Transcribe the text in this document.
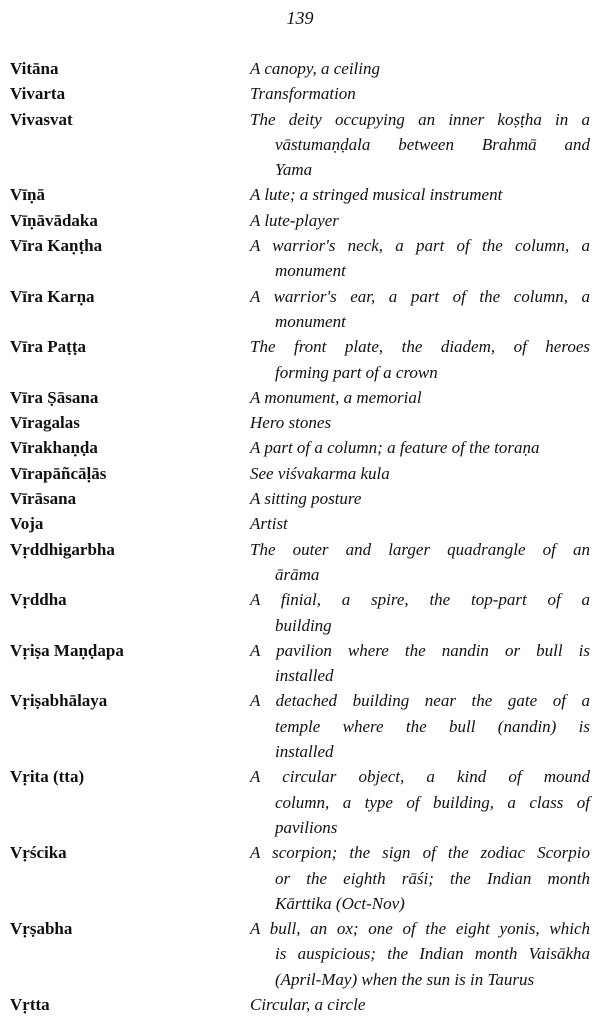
139
Vitāna	A canopy, a ceiling
Vivarta	Transformation
Vivasvat	The deity occupying an inner koṣṭha in a
vāstumaṇḍala between Brahmā and
Yama
Vīṇā	A lute; a stringed musical instrument
Vīṇāvādaka	A lute-player
Vīra Kaṇṭha	A warrior's neck, a part of the column, a
monument
Vīra Karṇa	A warrior's ear, a part of the column, a
monument
Vīra Paṭṭa	The front plate, the diadem, of heroes
forming part of a crown
Vīra Ṣāsana	A monument, a memorial
Vīragalas	Hero stones
Vīrakhaṇḍa	A part of a column; a feature of the toraṇa
Vīrapāñcāḷās	See viśvakarma kula
Vīrāsana	A sitting posture
Voja	Artist
Vṛddhigarbha	The outer and larger quadrangle of an
ārāma
Vṛddha	A finial, a spire, the top-part of a
building
Vṛiṣa Maṇḍapa	A pavilion where the nandin or bull is
installed
Vṛiṣabhālaya	A detached building near the gate of a
temple where the bull (nandin) is
installed
Vṛita (tta)	A circular object, a kind of mound
column, a type of building, a class of
pavilions
Vṛścika	A scorpion; the sign of the zodiac Scorpio
or the eighth rāśi; the Indian month
Kārttika (Oct-Nov)
Vṛṣabha	A bull, an ox; one of the eight yonis, which
is auspicious; the Indian month Vaisākha
(April-May) when the sun is in Taurus
Vṛtta	Circular, a circle
